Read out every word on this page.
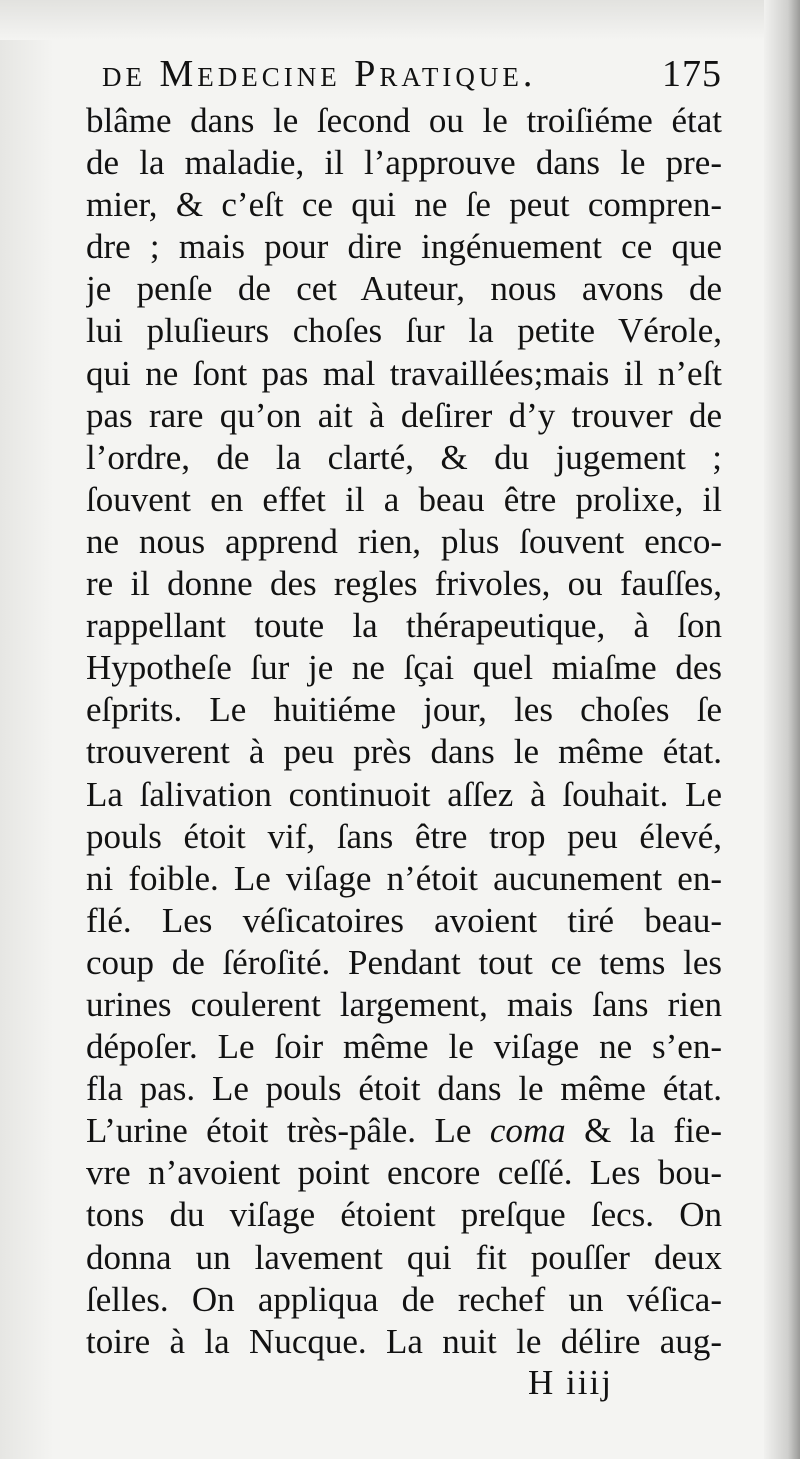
de Medecine Pratique.	175
blâme dans le ſecond ou le troiſiéme état
de la maladie, il l’approuve dans le pre-
mier, & c’eſt ce qui ne ſe peut compren-
dre ; mais pour dire ingénuement ce que
je penſe de cet Auteur, nous avons de
lui pluſieurs choſes ſur la petite Vérole,
qui ne ſont pas mal travaillées;mais il n’eſt
pas rare qu’on ait à deſirer d’y trouver de
l’ordre, de la clarté, & du jugement ;
ſouvent en effet il a beau être prolixe, il
ne nous apprend rien, plus ſouvent enco-
re il donne des regles frivoles, ou fauſſes,
rappellant toute la thérapeutique, à ſon
Hypotheſe ſur je ne ſçai quel miaſme des
eſprits. Le huitiéme jour, les choſes ſe
trouverent à peu près dans le même état.
La ſalivation continuoit aſſez à ſouhait. Le
pouls étoit vif, ſans être trop peu élevé,
ni foible. Le viſage n’étoit aucunement en-
flé. Les véſicatoires avoient tiré beau-
coup de ſéroſité. Pendant tout ce tems les
urines coulerent largement, mais ſans rien
dépoſer. Le ſoir même le viſage ne s’en-
fla pas. Le pouls étoit dans le même état.
L’urine étoit très-pâle. Le coma & la fie-
vre n’avoient point encore ceſſé. Les bou-
tons du viſage étoient preſque ſecs. On
donna un lavement qui fit pouſſer deux
ſelles. On appliqua de rechef un véſica-
toire à la Nucque. La nuit le délire aug-
H iiij
